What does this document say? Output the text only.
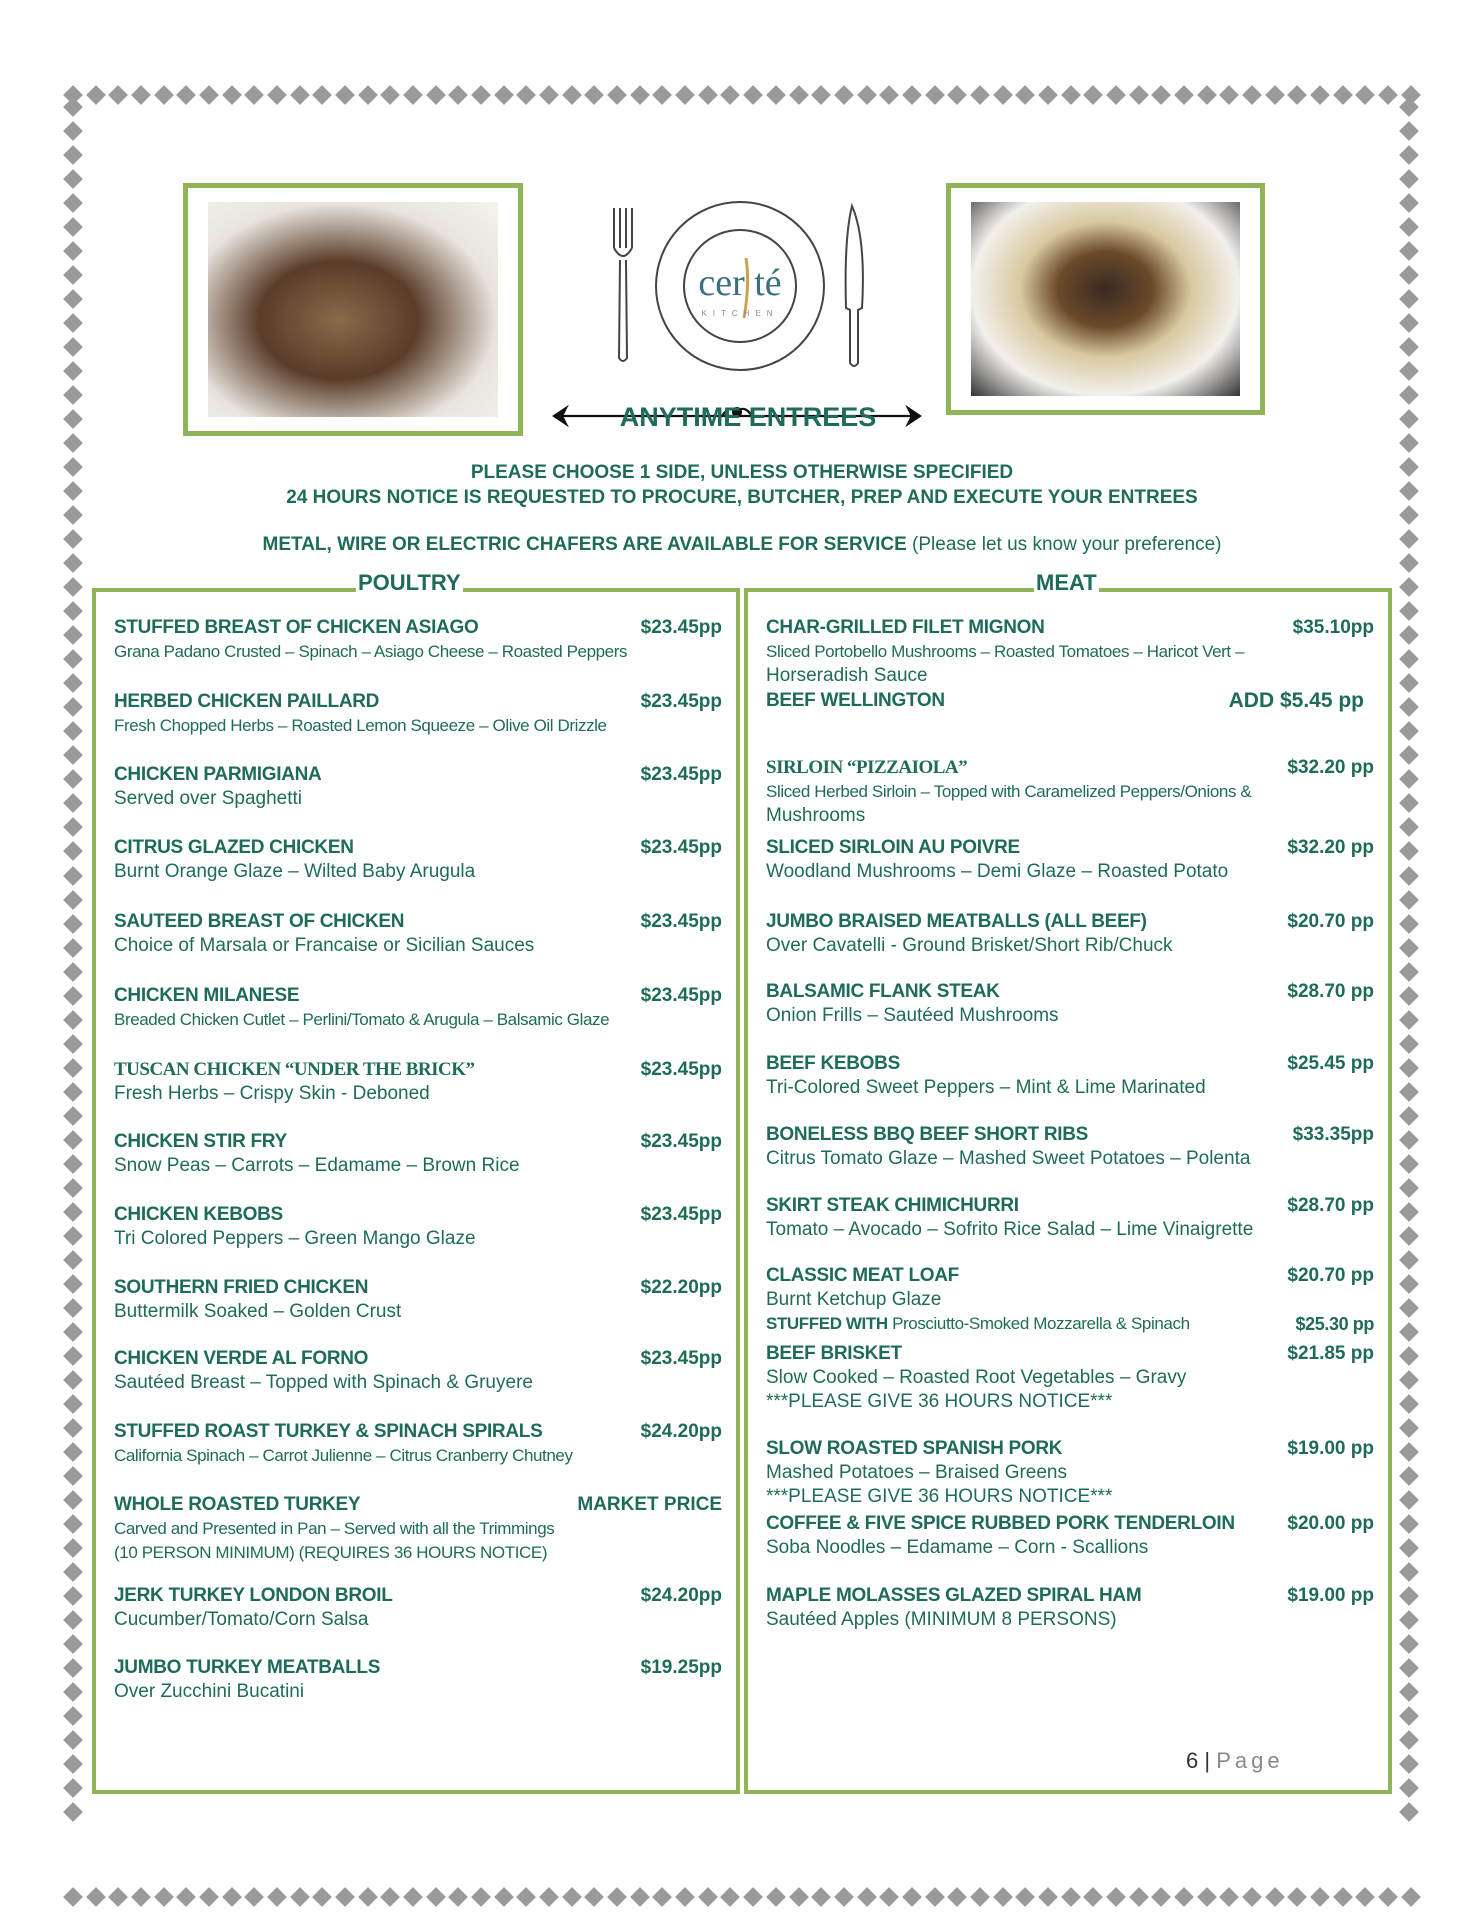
cer té
KITCHEN
ANYTIME ENTREES
PLEASE CHOOSE 1 SIDE, UNLESS OTHERWISE SPECIFIED
24 HOURS NOTICE IS REQUESTED TO PROCURE, BUTCHER, PREP AND EXECUTE YOUR ENTREES
METAL, WIRE OR ELECTRIC CHAFERS ARE AVAILABLE FOR SERVICE (Please let us know your preference)
STUFFED BREAST OF CHICKEN ASIAGO	$23.45pp
Grana Padano Crusted – Spinach – Asiago Cheese – Roasted Peppers
HERBED CHICKEN PAILLARD	$23.45pp
Fresh Chopped Herbs – Roasted Lemon Squeeze – Olive Oil Drizzle
CHICKEN PARMIGIANA	$23.45pp
Served over Spaghetti
CITRUS GLAZED CHICKEN	$23.45pp
Burnt Orange Glaze – Wilted Baby Arugula
SAUTEED BREAST OF CHICKEN	$23.45pp
Choice of Marsala or Francaise or Sicilian Sauces
CHICKEN MILANESE	$23.45pp
Breaded Chicken Cutlet – Perlini/Tomato & Arugula – Balsamic Glaze
TUSCAN CHICKEN “UNDER THE BRICK”	$23.45pp
Fresh Herbs – Crispy Skin - Deboned
CHICKEN STIR FRY	$23.45pp
Snow Peas – Carrots – Edamame – Brown Rice
CHICKEN KEBOBS	$23.45pp
Tri Colored Peppers – Green Mango Glaze
SOUTHERN FRIED CHICKEN	$22.20pp
Buttermilk Soaked – Golden Crust
CHICKEN VERDE AL FORNO	$23.45pp
Sautéed Breast – Topped with Spinach & Gruyere
STUFFED ROAST TURKEY & SPINACH SPIRALS	$24.20pp
California Spinach – Carrot Julienne – Citrus Cranberry Chutney
WHOLE ROASTED TURKEY	MARKET PRICE
Carved and Presented in Pan – Served with all the Trimmings
(10 PERSON MINIMUM) (REQUIRES 36 HOURS NOTICE)
JERK TURKEY LONDON BROIL	$24.20pp
Cucumber/Tomato/Corn Salsa
JUMBO TURKEY MEATBALLS	$19.25pp
Over Zucchini Bucatini
POULTRY
CHAR-GRILLED FILET MIGNON	$35.10pp
Sliced Portobello Mushrooms – Roasted Tomatoes – Haricot Vert –
Horseradish Sauce
BEEF WELLINGTON	ADD $5.45 pp
SIRLOIN “PIZZAIOLA”	$32.20 pp
Sliced Herbed Sirloin – Topped with Caramelized Peppers/Onions &
Mushrooms
SLICED SIRLOIN AU POIVRE	$32.20 pp
Woodland Mushrooms – Demi Glaze – Roasted Potato
JUMBO BRAISED MEATBALLS (ALL BEEF)	$20.70 pp
Over Cavatelli - Ground Brisket/Short Rib/Chuck
BALSAMIC FLANK STEAK	$28.70 pp
Onion Frills – Sautéed Mushrooms
BEEF KEBOBS	$25.45 pp
Tri-Colored Sweet Peppers – Mint & Lime Marinated
BONELESS BBQ BEEF SHORT RIBS	$33.35pp
Citrus Tomato Glaze – Mashed Sweet Potatoes – Polenta
SKIRT STEAK CHIMICHURRI	$28.70 pp
Tomato – Avocado – Sofrito Rice Salad – Lime Vinaigrette
CLASSIC MEAT LOAF	$20.70 pp
Burnt Ketchup Glaze
STUFFED WITH Prosciutto-Smoked Mozzarella & Spinach	$25.30 pp
BEEF BRISKET	$21.85 pp
Slow Cooked – Roasted Root Vegetables – Gravy
***PLEASE GIVE 36 HOURS NOTICE***
SLOW ROASTED SPANISH PORK	$19.00 pp
Mashed Potatoes – Braised Greens
***PLEASE GIVE 36 HOURS NOTICE***
COFFEE & FIVE SPICE RUBBED PORK TENDERLOIN	$20.00 pp
Soba Noodles – Edamame – Corn - Scallions
MAPLE MOLASSES GLAZED SPIRAL HAM	$19.00 pp
Sautéed Apples (MINIMUM 8 PERSONS)
MEAT
6 | Page
